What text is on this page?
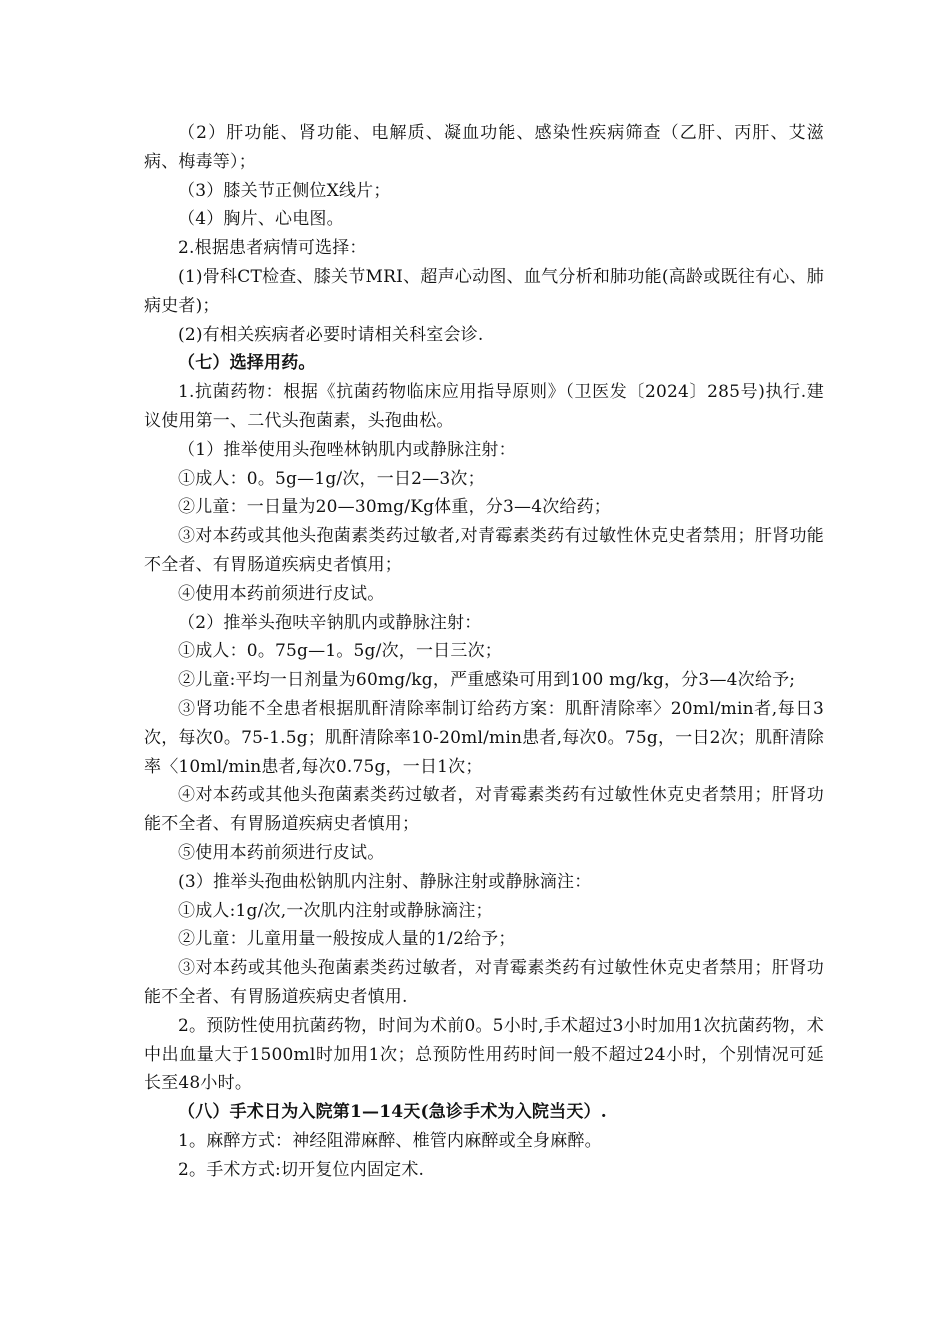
（2）肝功能、肾功能、电解质、凝血功能、感染性疾病筛查（乙肝、丙肝、艾滋病、梅毒等）；

（3）膝关节正侧位X线片；

（4）胸片、心电图。

2.根据患者病情可选择：

(1)骨科CT检查、膝关节MRI、超声心动图、血气分析和肺功能(高龄或既往有心、肺病史者)；

(2)有相关疾病者必要时请相关科室会诊.

（七）选择用药。

1.抗菌药物：根据《抗菌药物临床应用指导原则》（卫医发〔2024〕285号)执行.建议使用第一、二代头孢菌素，头孢曲松。

（1）推举使用头孢唑林钠肌内或静脉注射：

①成人：0。5g—1g/次，一日2—3次；

②儿童：一日量为20—30mg/Kg体重，分3—4次给药；

③对本药或其他头孢菌素类药过敏者,对青霉素类药有过敏性休克史者禁用；肝肾功能不全者、有胃肠道疾病史者慎用；

④使用本药前须进行皮试。

（2）推举头孢呋辛钠肌内或静脉注射：

①成人：0。75g—1。5g/次，一日三次；

②儿童:平均一日剂量为60mg/kg，严重感染可用到100 mg/kg，分3—4次给予;

③肾功能不全患者根据肌酐清除率制订给药方案：肌酐清除率〉20ml/min者,每日3次，每次0。75-1.5g；肌酐清除率10-20ml/min患者,每次0。75g，一日2次；肌酐清除率〈10ml/min患者,每次0.75g，一日1次；

④对本药或其他头孢菌素类药过敏者，对青霉素类药有过敏性休克史者禁用；肝肾功能不全者、有胃肠道疾病史者慎用；

⑤使用本药前须进行皮试。

(3）推举头孢曲松钠肌内注射、静脉注射或静脉滴注：

①成人:1g/次,一次肌内注射或静脉滴注；

②儿童：儿童用量一般按成人量的1/2给予；

③对本药或其他头孢菌素类药过敏者，对青霉素类药有过敏性休克史者禁用；肝肾功能不全者、有胃肠道疾病史者慎用.

2。预防性使用抗菌药物，时间为术前0。5小时,手术超过3小时加用1次抗菌药物，术中出血量大于1500ml时加用1次；总预防性用药时间一般不超过24小时，个别情况可延长至48小时。

（八）手术日为入院第1—14天(急诊手术为入院当天）.

1。麻醉方式：神经阻滞麻醉、椎管内麻醉或全身麻醉。

2。手术方式:切开复位内固定术.
